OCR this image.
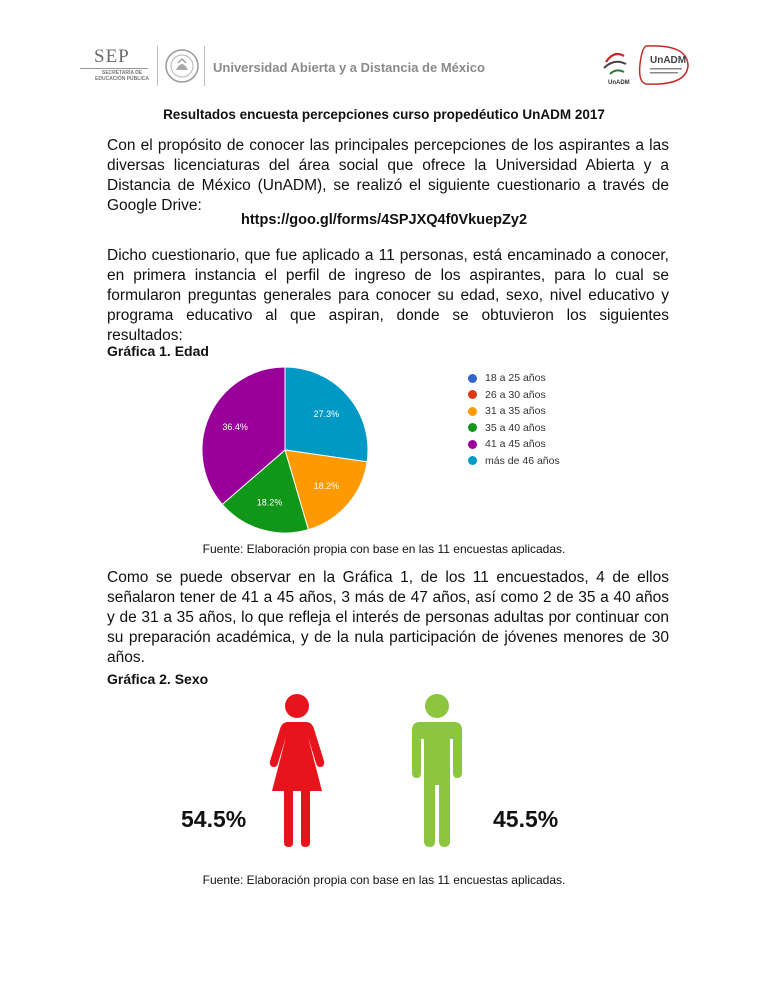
SEP
SECRETARÍA DE EDUCACIÓN PÚBLICA
Universidad Abierta y a Distancia de México
UnADM
UnADM
Resultados encuesta percepciones curso propedéutico UnADM 2017
Con el propósito de conocer las principales percepciones de los aspirantes a las diversas licenciaturas del área social que ofrece la Universidad Abierta y a Distancia de México (UnADM), se realizó el siguiente cuestionario a través de Google Drive:
https://goo.gl/forms/4SPJXQ4f0VkuepZy2
Dicho cuestionario, que fue aplicado a 11 personas, está encaminado a conocer, en primera instancia el perfil de ingreso de los aspirantes, para lo cual se formularon preguntas generales para conocer su edad, sexo, nivel educativo y programa educativo al que aspiran, donde se obtuvieron los siguientes resultados:
Gráfica 1. Edad
27.3%
18.2%
18.2%
36.4%
18 a 25 años
26 a 30 años
31 a 35 años
35 a 40 años
41 a 45 años
más de 46 años
Fuente: Elaboración propia con base en las 11 encuestas aplicadas.
Como se puede observar en la Gráfica 1, de los 11 encuestados, 4 de ellos señalaron tener de 41 a 45 años, 3 más de 47 años, así como 2 de 35 a 40 años y de 31 a 35 años, lo que refleja el interés de personas adultas por continuar con su preparación académica, y de la nula participación de jóvenes menores de 30 años.
Gráfica 2. Sexo
54.5%	45.5%
Fuente: Elaboración propia con base en las 11 encuestas aplicadas.
